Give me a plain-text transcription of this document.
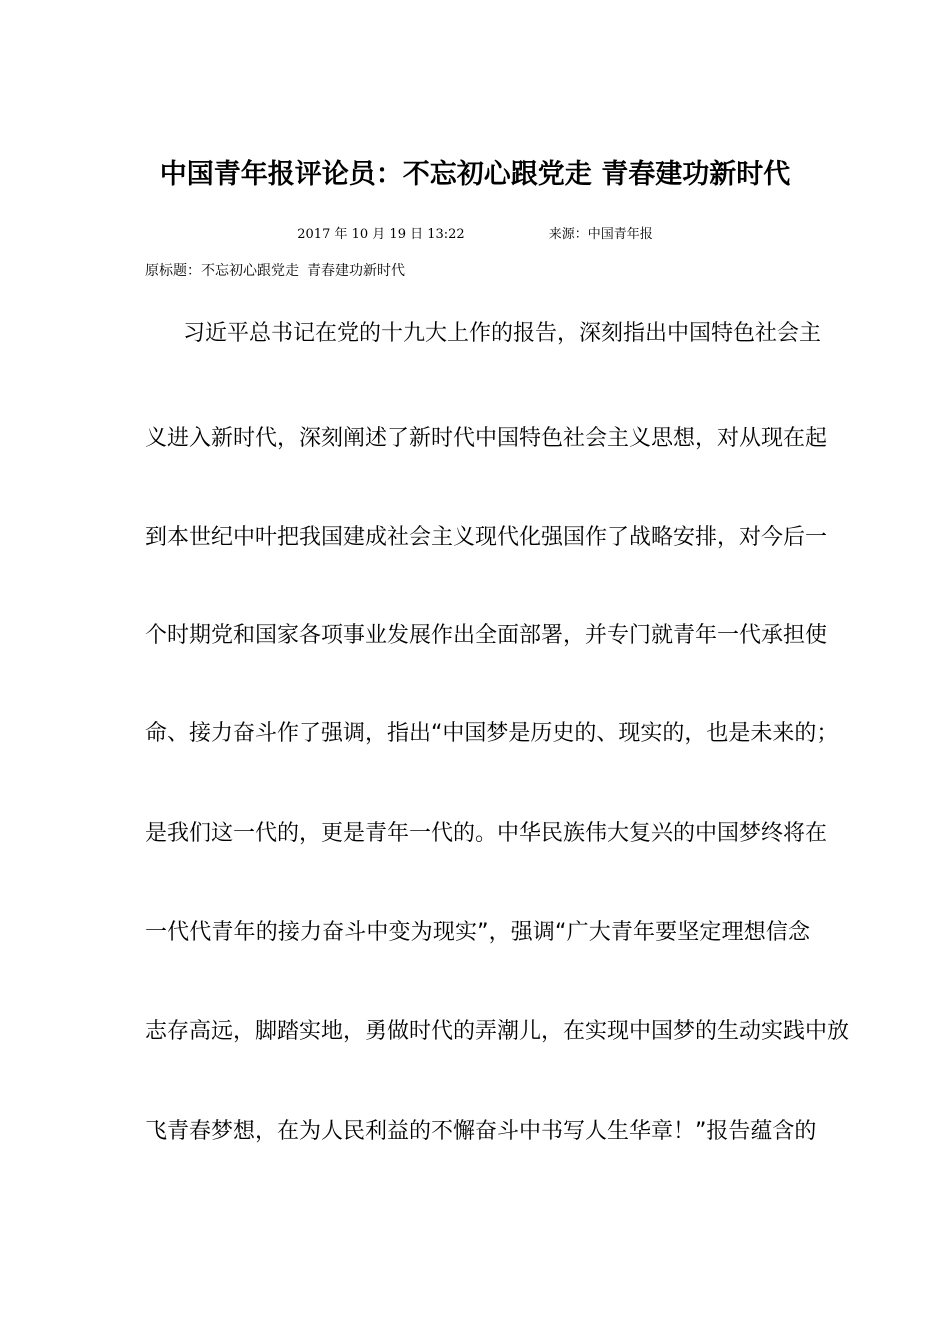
中国青年报评论员：不忘初心跟党走 青春建功新时代
2017 年 10 月 19 日 13:22	来源：中国青年报
原标题：不忘初心跟党走 青春建功新时代
习近平总书记在党的十九大上作的报告，深刻指出中国特色社会主
义进入新时代，深刻阐述了新时代中国特色社会主义思想，对从现在起
到本世纪中叶把我国建成社会主义现代化强国作了战略安排，对今后一
个时期党和国家各项事业发展作出全面部署，并专门就青年一代承担使
命、接力奋斗作了强调，指出“中国梦是历史的、现实的，也是未来的；
是我们这一代的，更是青年一代的。中华民族伟大复兴的中国梦终将在
一代代青年的接力奋斗中变为现实”，强调“广大青年要坚定理想信念
志存高远，脚踏实地，勇做时代的弄潮儿，在实现中国梦的生动实践中放
飞青春梦想，在为人民利益的不懈奋斗中书写人生华章！”报告蕴含的
